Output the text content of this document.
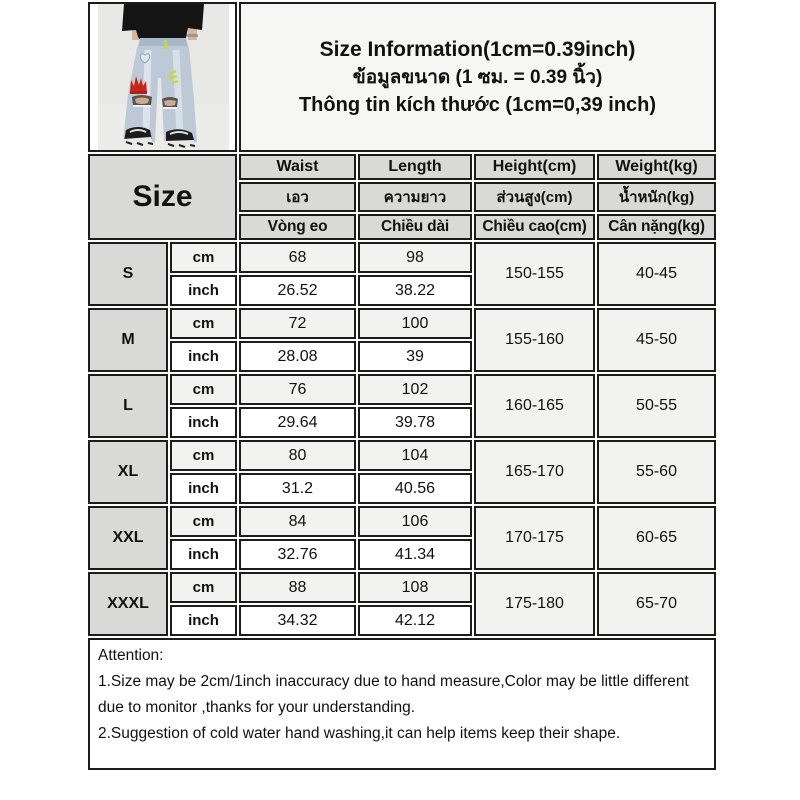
Size Information(1cm=0.39inch)
ข้อมูลขนาด (1 ซม. = 0.39 นิ้ว)
Thông tin kích thước (1cm=0,39 inch)			

Size		Waist	Length	Height(cm)	Weight(kg)
		เอว	ความยาว	ส่วนสูง(cm)	น้ำหนัก(kg)
		Vòng eo	Chiều dài	Chiều cao(cm)	Cân nặng(kg)
S	cm	68	98	150-155	40-45
	inch	26.52	38.22		
M	cm	72	100	155-160	45-50
	inch	28.08	39		
L	cm	76	102	160-165	50-55
	inch	29.64	39.78		
XL	cm	80	104	165-170	55-60
	inch	31.2	40.56		
XXL	cm	84	106	170-175	60-65
	inch	32.76	41.34		
XXXL	cm	88	108	175-180	65-70
	inch	34.32	42.12		

Attention:
1.Size may be 2cm/1inch inaccuracy due to hand measure,Color may be little different
due to monitor ,thanks for your understanding.
2.Suggestion of cold water hand washing,it can help items keep their shape.					
